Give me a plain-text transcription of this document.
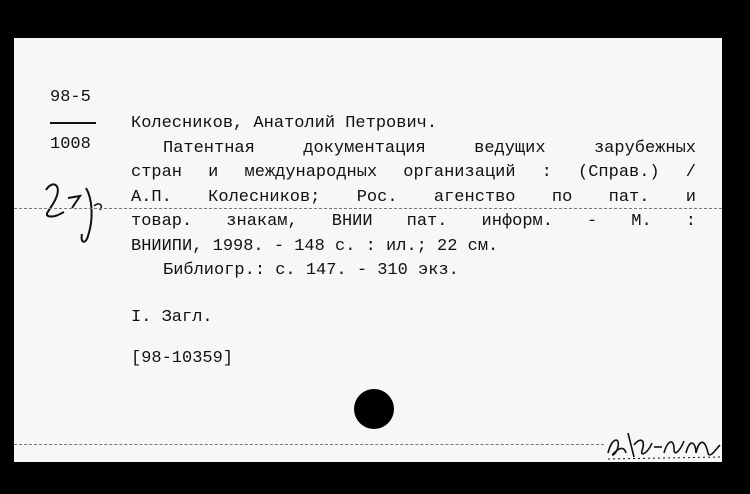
98-5
1008
Колесников, Анатолий Петрович.
Патентная документация ведущих зарубежных
стран и международных организаций : (Справ.) /
А.П. Колесников; Рос. агенство по пат. и
товар. знакам, ВНИИ пат. информ. - М. :
ВНИИПИ, 1998. - 148 с. : ил.; 22 см.
Библиогр.: с. 147. - 310 экз.
I. Загл.
[98-10359]
